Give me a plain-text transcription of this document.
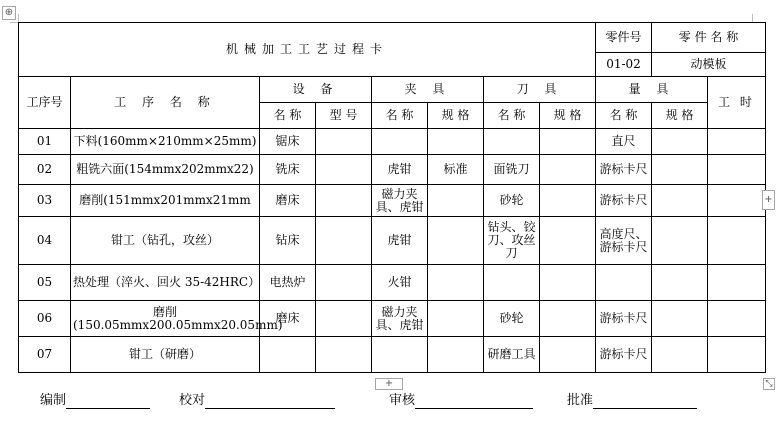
⊕
机械加工工艺过程卡								零件号	零 件 名 称	
								01-02	动模板	
工序号	工 序 名 称	设 备		夹 具		刀 具		量 具		工 时
		名 称	型 号	名 称	规 格	名 称	规 格	名 称	规 格	
01	下料(160mm×210mm×25mm)	锯床						直尺		
02	粗铣六面(154mmx202mmx22)	铣床		虎钳	标准	面铣刀		游标卡尺		
03	磨削(151mmx201mmx21mm	磨床		磁力夹具、虎钳		砂轮		游标卡尺		
04	钳工（钻孔，攻丝）	钻床		虎钳		钻头、铰刀、攻丝刀		高度尺、游标卡尺		
05	热处理（淬火、回火 35-42HRC）	电热炉		火钳						
06	磨削(150.05mmx200.05mmx20.05mm)	磨床		磁力夹具、虎钳		砂轮		游标卡尺		
07	钳工（研磨）					研磨工具		游标卡尺		
+
+	⤡
编制	校对	审核	批准
